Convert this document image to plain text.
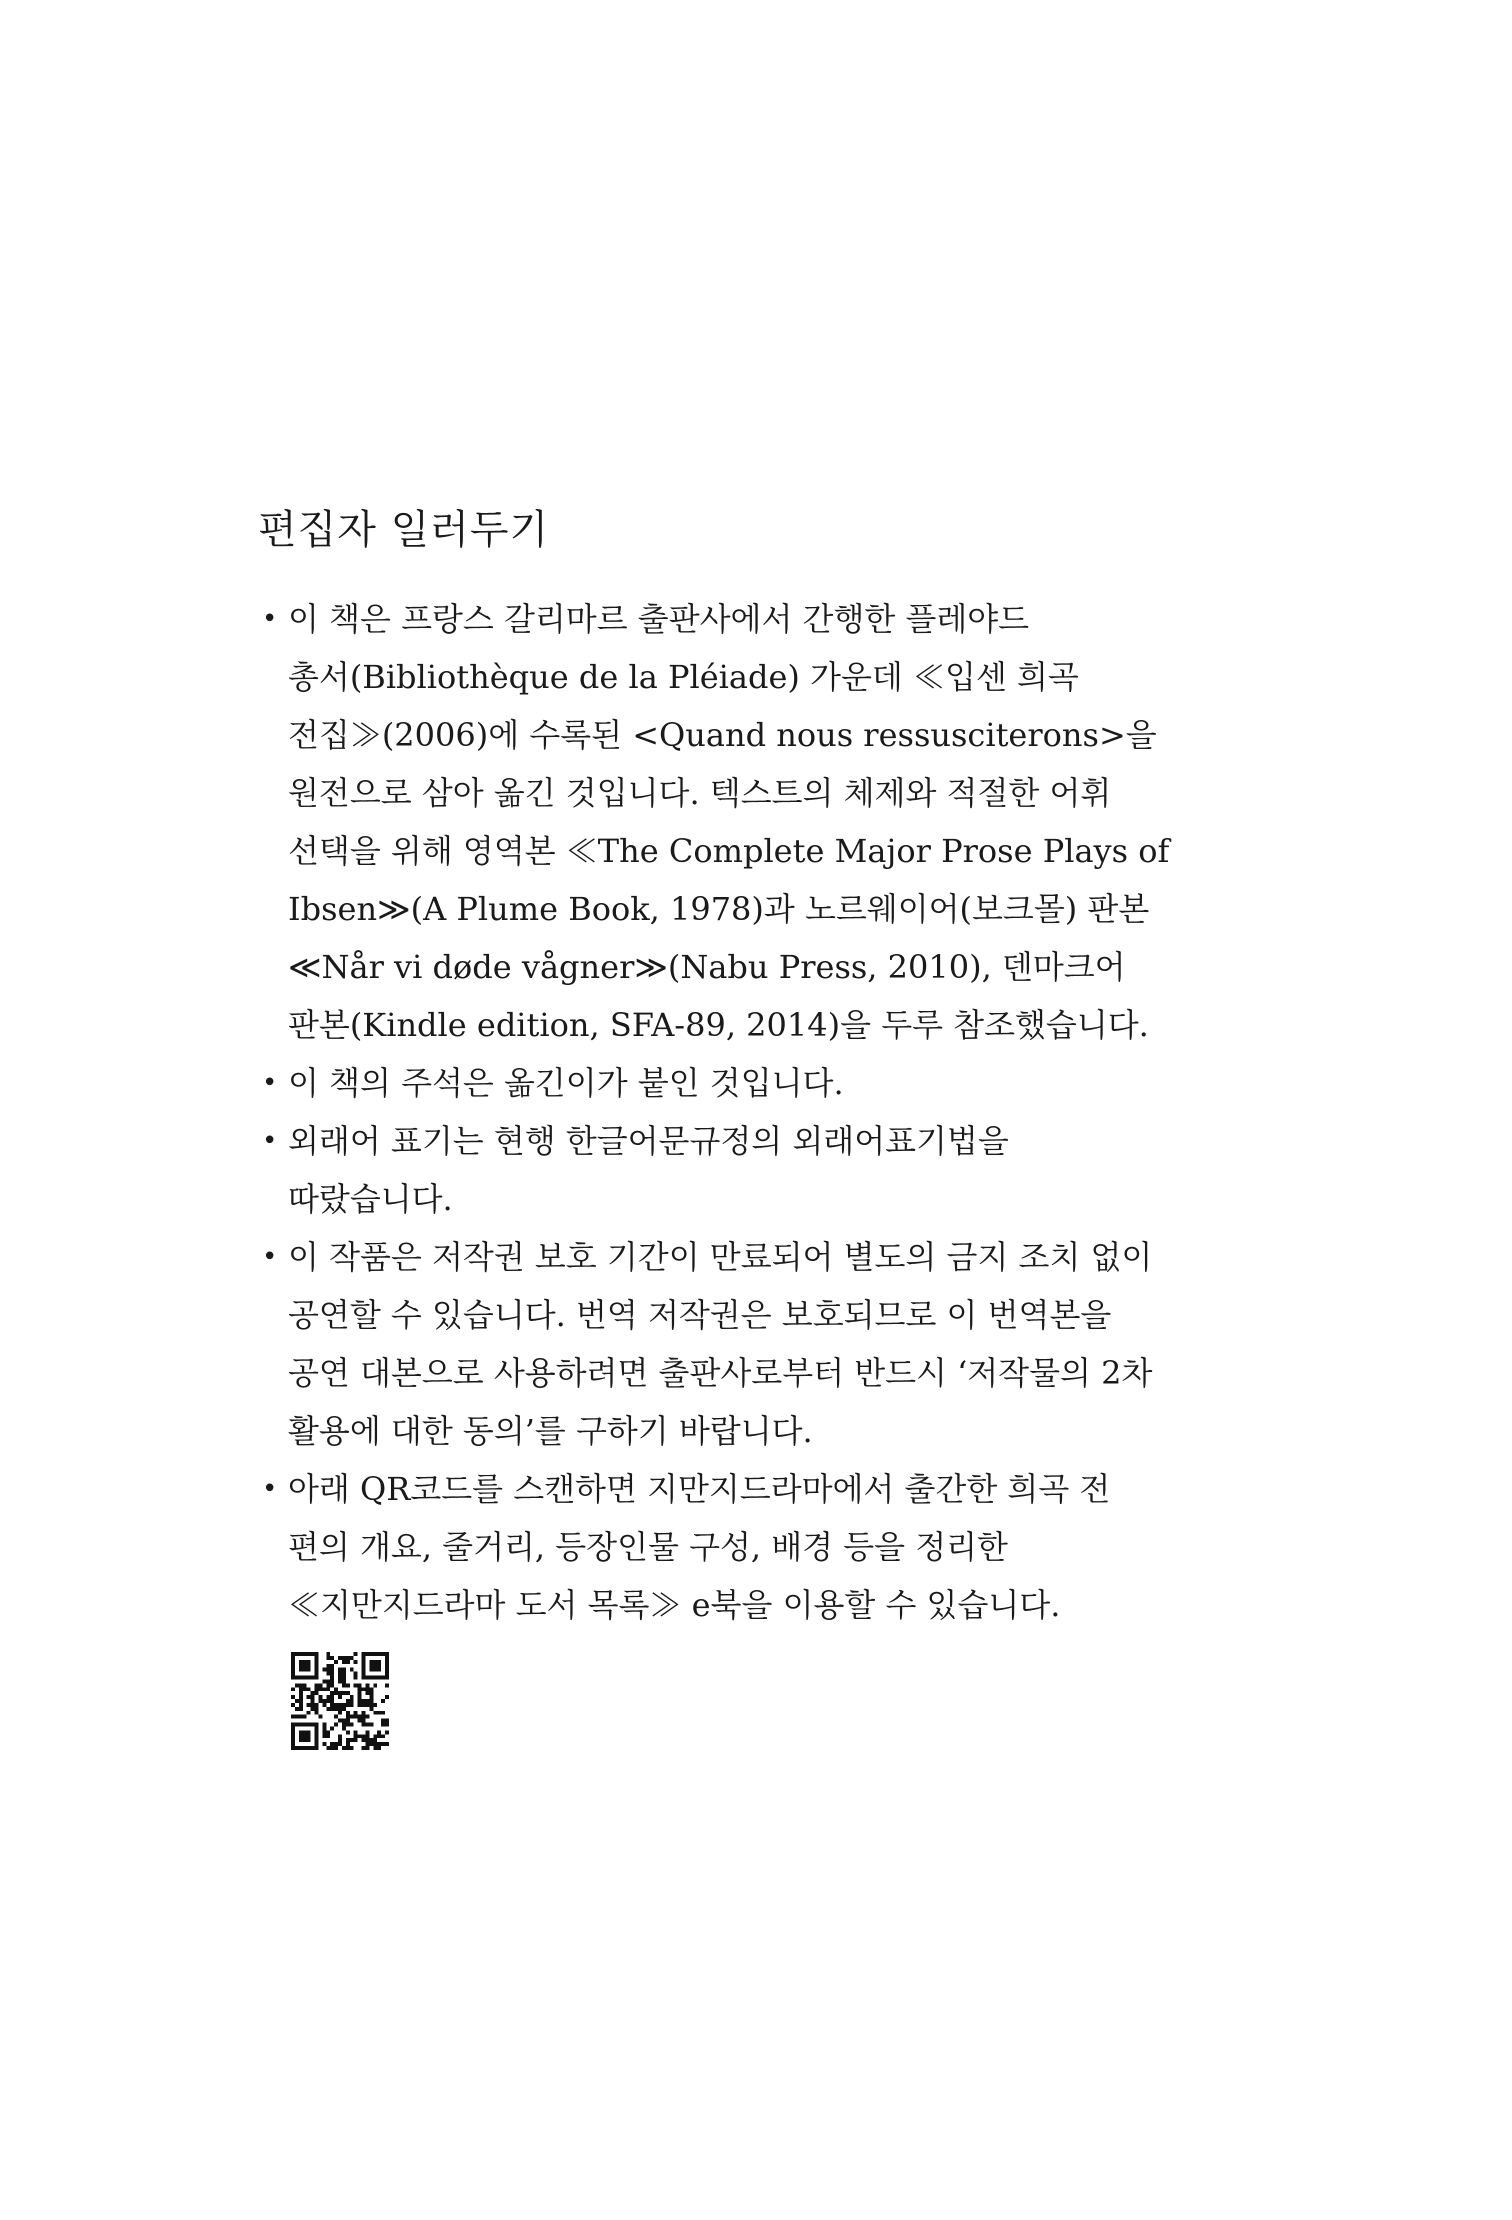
편집자 일러두기
• 이 책은 프랑스 갈리마르 출판사에서 간행한 플레야드
총서(Bibliothèque de la Pléiade) 가운데 ≪입센 희곡
전집≫(2006)에 수록된 <Quand nous ressusciterons>을
원전으로 삼아 옮긴 것입니다. 텍스트의 체제와 적절한 어휘
선택을 위해 영역본 ≪The Complete Major Prose Plays of
Ibsen≫(A Plume Book, 1978)과 노르웨이어(보크몰) 판본
≪Når vi døde vågner≫(Nabu Press, 2010), 덴마크어
판본(Kindle edition, SFA-89, 2014)을 두루 참조했습니다.
• 이 책의 주석은 옮긴이가 붙인 것입니다.
• 외래어 표기는 현행 한글어문규정의 외래어표기법을
따랐습니다.
• 이 작품은 저작권 보호 기간이 만료되어 별도의 금지 조치 없이
공연할 수 있습니다. 번역 저작권은 보호되므로 이 번역본을
공연 대본으로 사용하려면 출판사로부터 반드시 ‘저작물의 2차
활용에 대한 동의’를 구하기 바랍니다.
• 아래 QR코드를 스캔하면 지만지드라마에서 출간한 희곡 전
편의 개요, 줄거리, 등장인물 구성, 배경 등을 정리한
≪지만지드라마 도서 목록≫ e북을 이용할 수 있습니다.
